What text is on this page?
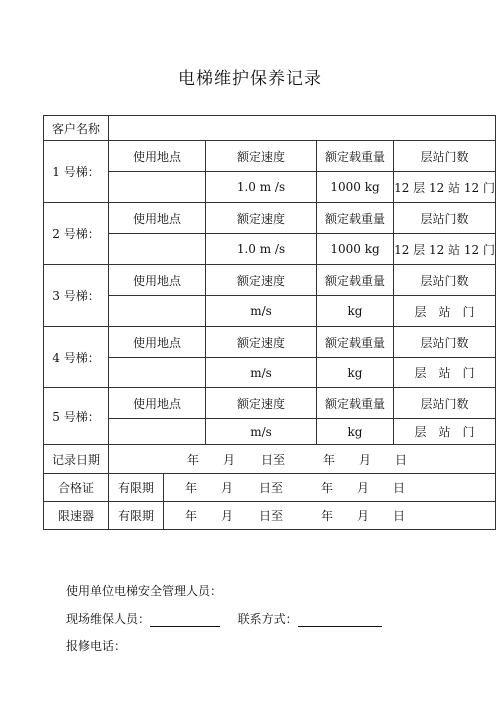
电梯维护保养记录
客户名称					
1 号梯：	使用地点		额定速度	额定载重量	层站门数
			1.0 m /s	1000 kg	12 层 12 站 12 门
2 号梯：	使用地点		额定速度	额定载重量	层站门数
			1.0 m /s	1000 kg	12 层 12 站 12 门
3 号梯：	使用地点		额定速度	额定载重量	层站门数
			m/s	kg	层　站　门
4 号梯：	使用地点		额定速度	额定载重量	层站门数
			m/s	kg	层　站　门
5 号梯：	使用地点		额定速度	额定载重量	层站门数
			m/s	kg	层　站　门
记录日期	年 月 日至 年 月 日				
合格证	有限期	年 月 日至 年 月 日			
限速器	有限期	年 月 日至 年 月 日			
使用单位电梯安全管理人员：
现场维保人员：	联系方式：
报修电话：
